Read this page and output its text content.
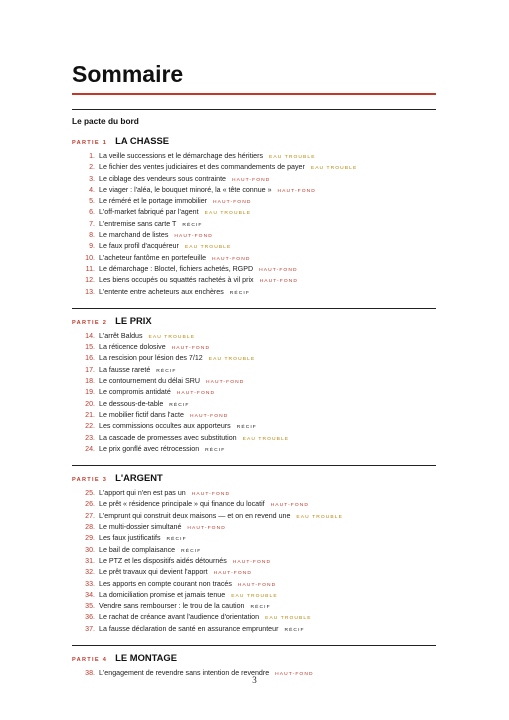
Sommaire
Le pacte du bord
PARTIE 1 LA CHASSE
1. La veille successions et le démarchage des héritiers EAU TROUBLE
2. Le fichier des ventes judiciaires et des commandements de payer EAU TROUBLE
3. Le ciblage des vendeurs sous contrainte HAUT-FOND
4. Le viager : l'aléa, le bouquet minoré, la « tête connue » HAUT-FOND
5. Le réméré et le portage immobilier HAUT-FOND
6. L'off-market fabriqué par l'agent EAU TROUBLE
7. L'entremise sans carte T RÉCIF
8. Le marchand de listes HAUT-FOND
9. Le faux profil d'acquéreur EAU TROUBLE
10. L'acheteur fantôme en portefeuille HAUT-FOND
11. Le démarchage : Bloctel, fichiers achetés, RGPD HAUT-FOND
12. Les biens occupés ou squattés rachetés à vil prix HAUT-FOND
13. L'entente entre acheteurs aux enchères RÉCIF
PARTIE 2 LE PRIX
14. L'arrêt Baldus EAU TROUBLE
15. La réticence dolosive HAUT-FOND
16. La rescision pour lésion des 7/12 EAU TROUBLE
17. La fausse rareté RÉCIF
18. Le contournement du délai SRU HAUT-FOND
19. Le compromis antidaté HAUT-FOND
20. Le dessous-de-table RÉCIF
21. Le mobilier fictif dans l'acte HAUT-FOND
22. Les commissions occultes aux apporteurs RÉCIF
23. La cascade de promesses avec substitution EAU TROUBLE
24. Le prix gonflé avec rétrocession RÉCIF
PARTIE 3 L'ARGENT
25. L'apport qui n'en est pas un HAUT-FOND
26. Le prêt « résidence principale » qui finance du locatif HAUT-FOND
27. L'emprunt qui construit deux maisons — et on en revend une EAU TROUBLE
28. Le multi-dossier simultané HAUT-FOND
29. Les faux justificatifs RÉCIF
30. Le bail de complaisance RÉCIF
31. Le PTZ et les dispositifs aidés détournés HAUT-FOND
32. Le prêt travaux qui devient l'apport HAUT-FOND
33. Les apports en compte courant non tracés HAUT-FOND
34. La domiciliation promise et jamais tenue EAU TROUBLE
35. Vendre sans rembourser : le trou de la caution RÉCIF
36. Le rachat de créance avant l'audience d'orientation EAU TROUBLE
37. La fausse déclaration de santé en assurance emprunteur RÉCIF
PARTIE 4 LE MONTAGE
38. L'engagement de revendre sans intention de revendre HAUT-FOND
3
